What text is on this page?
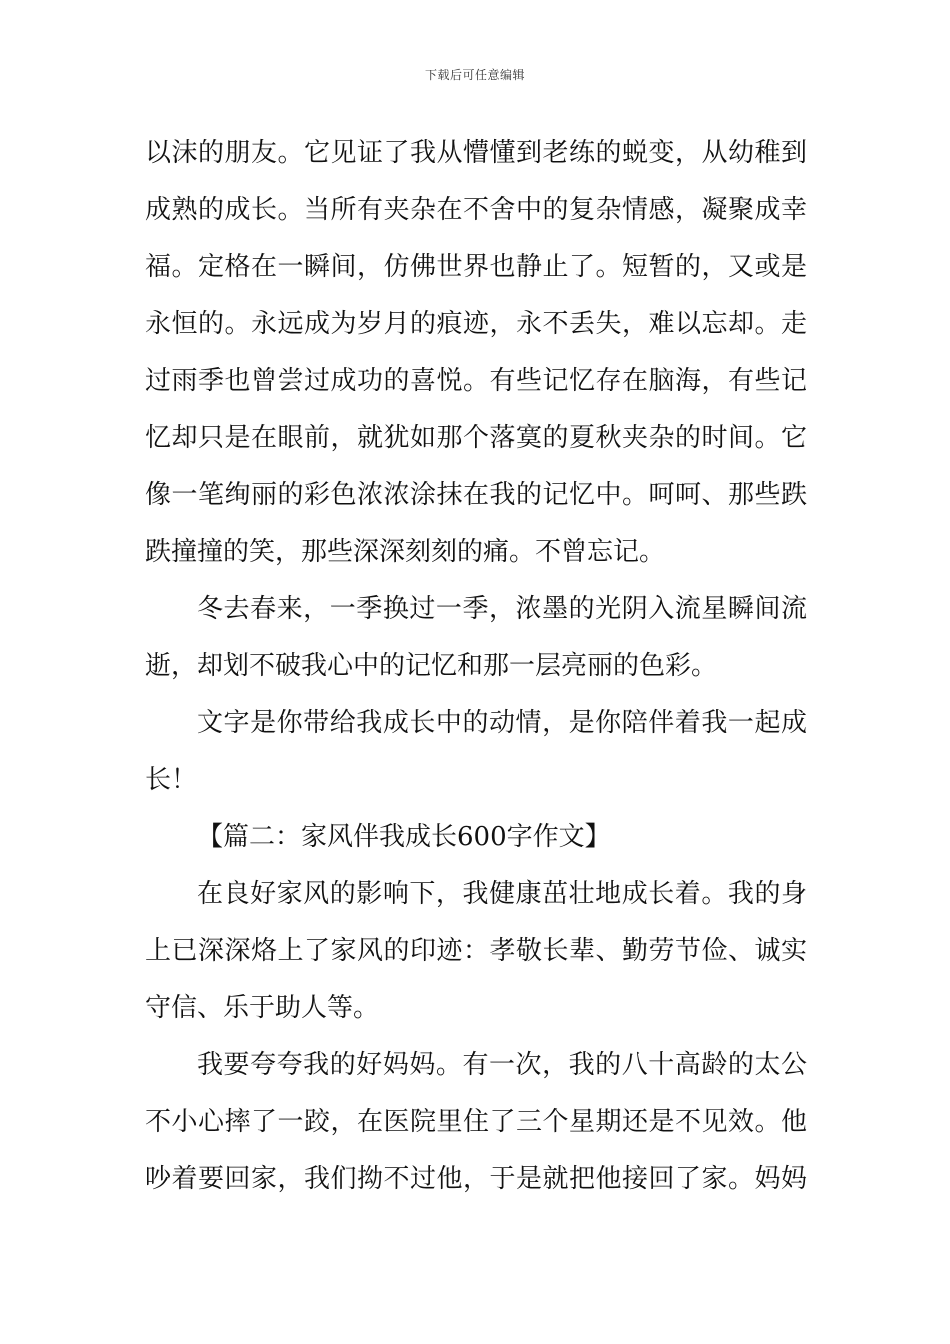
下载后可任意编辑
以沫的朋友。它见证了我从懵懂到老练的蜕变，从幼稚到
成熟的成长。当所有夹杂在不舍中的复杂情感，凝聚成幸
福。定格在一瞬间，仿佛世界也静止了。短暂的，又或是
永恒的。永远成为岁月的痕迹，永不丢失，难以忘却。走
过雨季也曾尝过成功的喜悦。有些记忆存在脑海，有些记
忆却只是在眼前，就犹如那个落寞的夏秋夹杂的时间。它
像一笔绚丽的彩色浓浓涂抹在我的记忆中。呵呵、那些跌
跌撞撞的笑，那些深深刻刻的痛。不曾忘记。
冬去春来，一季换过一季，浓墨的光阴入流星瞬间流
逝，却划不破我心中的记忆和那一层亮丽的色彩。
文字是你带给我成长中的动情，是你陪伴着我一起成
长！
【篇二：家风伴我成长600字作文】
在良好家风的影响下，我健康茁壮地成长着。我的身
上已深深烙上了家风的印迹：孝敬长辈、勤劳节俭、诚实
守信、乐于助人等。
我要夸夸我的好妈妈。有一次，我的八十高龄的太公
不小心摔了一跤，在医院里住了三个星期还是不见效。他
吵着要回家，我们拗不过他，于是就把他接回了家。妈妈
